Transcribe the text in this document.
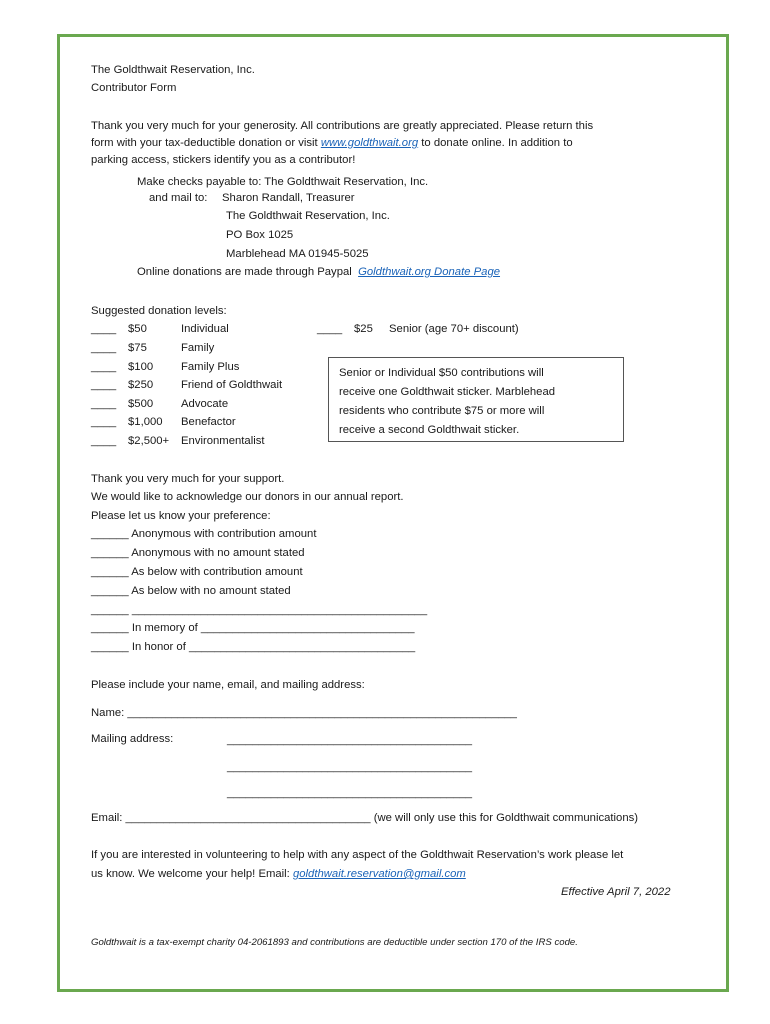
The Goldthwait Reservation, Inc.
Contributor Form
Thank you very much for your generosity. All contributions are greatly appreciated. Please return this
form with your tax-deductible donation or visit www.goldthwait.org to donate online. In addition to
parking access, stickers identify you as a contributor!
Make checks payable to: The Goldthwait Reservation, Inc.
and mail to: Sharon Randall, Treasurer
The Goldthwait Reservation, Inc.
PO Box 1025
Marblehead MA 01945-5025
Online donations are made through Paypal Goldthwait.org Donate Page
Suggested donation levels:
____ $50	Individual
____ $75	Family
____ $100 Family Plus
____ $250 Friend of Goldthwait
____ $500 Advocate
____ $1,000 Benefactor
____ $2,500+ Environmentalist
____ $25 Senior (age 70+ discount)
Senior or Individual $50 contributions will
receive one Goldthwait sticker. Marblehead
residents who contribute $75 or more will
receive a second Goldthwait sticker.
Thank you very much for your support.
We would like to acknowledge our donors in our annual report.
Please let us know your preference:
______ Anonymous with contribution amount
______ Anonymous with no amount stated
______ As below with contribution amount
______ As below with no amount stated
______ _______________________________________________
______ In memory of __________________________________
______ In honor of ____________________________________
Please include your name, email, and mailing address:
Name: ______________________________________________________________
Mailing address:	_______________________________________
_______________________________________
_______________________________________
Email: _______________________________________ (we will only use this for Goldthwait communications)
If you are interested in volunteering to help with any aspect of the Goldthwait Reservation’s work please let
us know. We welcome your help! Email: goldthwait.reservation@gmail.com
Effective April 7, 2022
Goldthwait is a tax-exempt charity 04-2061893 and contributions are deductible under section 170 of the IRS code.
